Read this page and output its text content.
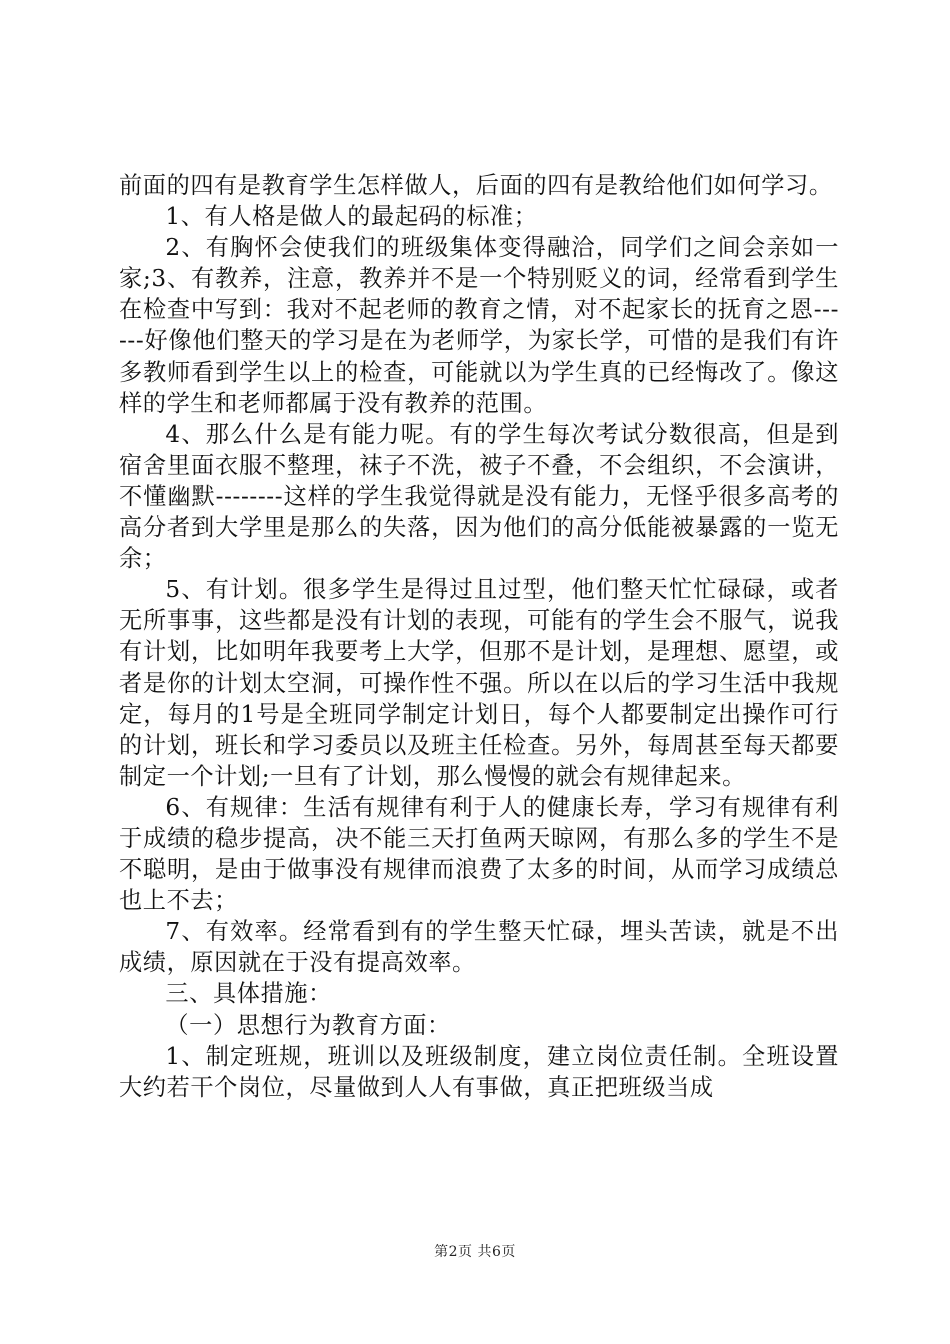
前面的四有是教育学生怎样做人，后面的四有是教给他们如何学习。

1、有人格是做人的最起码的标准；

2、有胸怀会使我们的班级集体变得融洽，同学们之间会亲如一家;3、有教养，注意，教养并不是一个特别贬义的词，经常看到学生在检查中写到：我对不起老师的教育之情，对不起家长的抚育之恩------好像他们整天的学习是在为老师学，为家长学，可惜的是我们有许多教师看到学生以上的检查，可能就以为学生真的已经悔改了。像这样的学生和老师都属于没有教养的范围。

4、那么什么是有能力呢。有的学生每次考试分数很高，但是到宿舍里面衣服不整理，袜子不洗，被子不叠，不会组织，不会演讲，不懂幽默--------这样的学生我觉得就是没有能力，无怪乎很多高考的高分者到大学里是那么的失落，因为他们的高分低能被暴露的一览无余；

5、有计划。很多学生是得过且过型，他们整天忙忙碌碌，或者无所事事，这些都是没有计划的表现，可能有的学生会不服气，说我有计划，比如明年我要考上大学，但那不是计划，是理想、愿望，或者是你的计划太空洞，可操作性不强。所以在以后的学习生活中我规定，每月的1号是全班同学制定计划日，每个人都要制定出操作可行的计划，班长和学习委员以及班主任检查。另外，每周甚至每天都要制定一个计划;一旦有了计划，那么慢慢的就会有规律起来。

6、有规律：生活有规律有利于人的健康长寿，学习有规律有利于成绩的稳步提高，决不能三天打鱼两天晾网，有那么多的学生不是不聪明，是由于做事没有规律而浪费了太多的时间，从而学习成绩总也上不去；

7、有效率。经常看到有的学生整天忙碌，埋头苦读，就是不出成绩，原因就在于没有提高效率。

三、具体措施：

（一）思想行为教育方面：

1、制定班规，班训以及班级制度，建立岗位责任制。全班设置大约若干个岗位，尽量做到人人有事做，真正把班级当成

第2页 共6页
